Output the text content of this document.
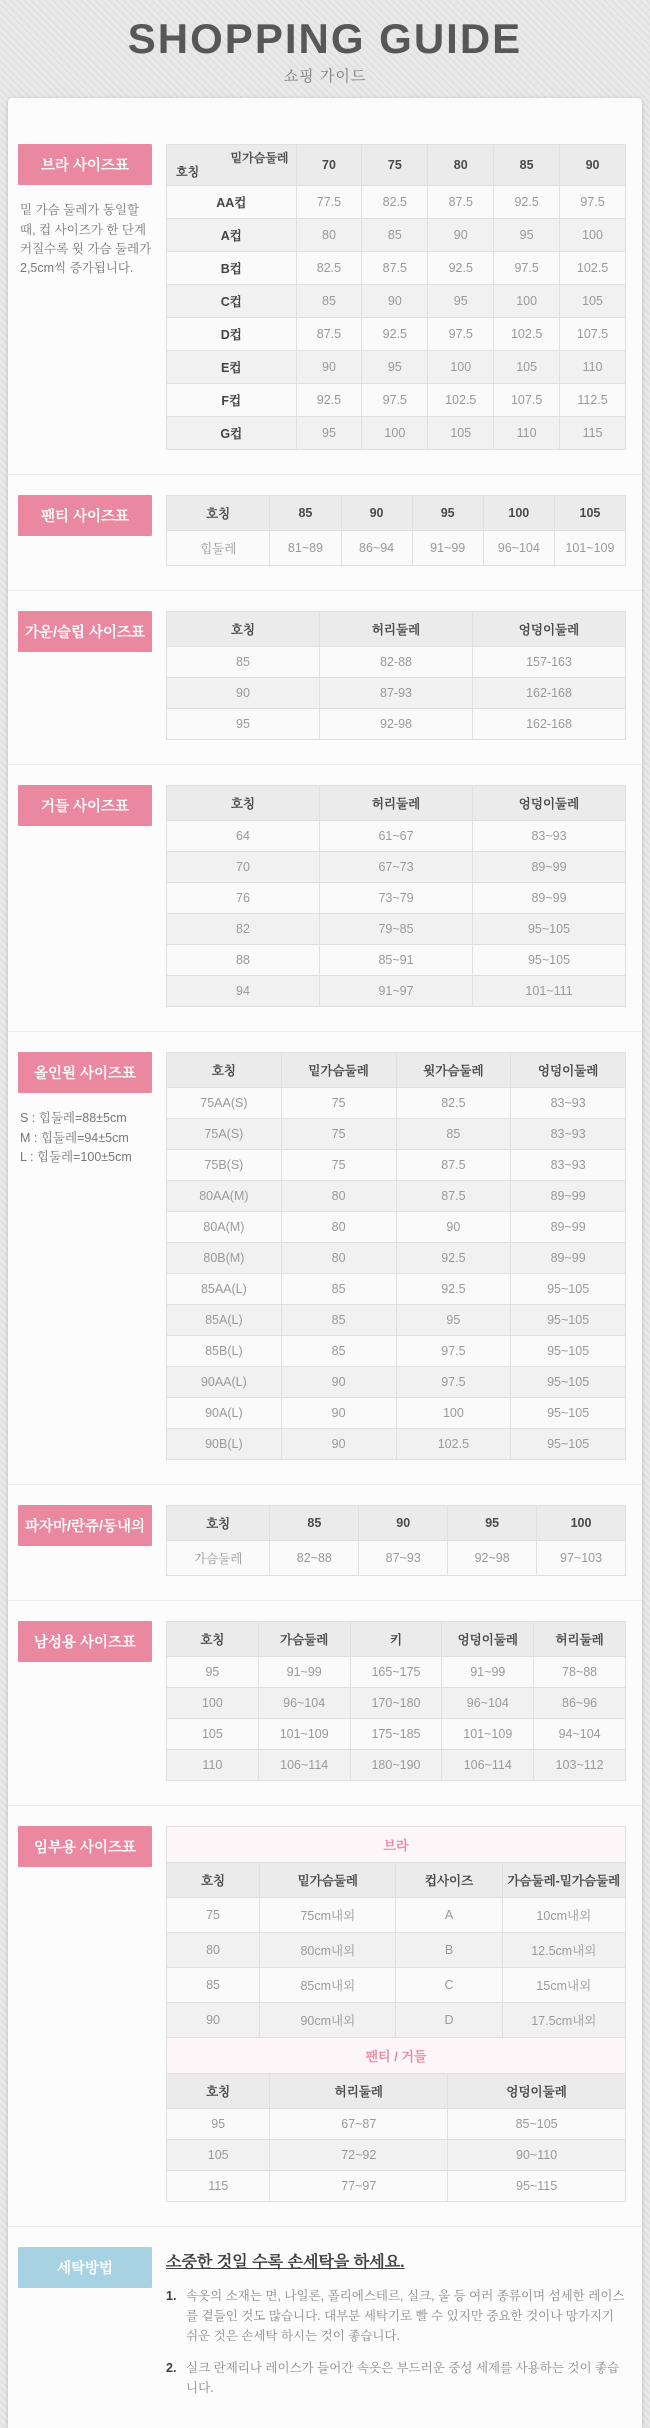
SHOPPING GUIDE
쇼핑 가이드
브라 사이즈표
밑 가슴 둘레가 동일할 때, 컵 사이즈가 한 단계 커질수록 윗 가슴 둘레가 2,5cm씩 증가됩니다.
밑가슴둘레
호칭	70	75	80	85	90
AA컵	77.5	82.5	87.5	92.5	97.5
A컵	80	85	90	95	100
B컵	82.5	87.5	92.5	97.5	102.5
C컵	85	90	95	100	105
D컵	87.5	92.5	97.5	102.5	107.5
E컵	90	95	100	105	110
F컵	92.5	97.5	102.5	107.5	112.5
G컵	95	100	105	110	115
팬티 사이즈표	호칭	85	90	95	100	105
힙둘레	81~89	86~94	91~99	96~104	101~109
가운/슬립 사이즈표	호칭	허리둘레	엉덩이둘레
85	82-88	157-163
90	87-93	162-168
95	92-98	162-168
거들 사이즈표	호칭	허리둘레	엉덩이둘레
64	61~67	83~93
70	67~73	89~99
76	73~79	89~99
82	79~85	95~105
88	85~91	95~105
94	91~97	101~111
올인원 사이즈표
S : 힙둘레=88±5cm
M : 힙둘레=94±5cm
L : 힙둘레=100±5cm
호칭	밑가슴둘레	윗가슴둘레	엉덩이둘레
75AA(S)	75	82.5	83~93
75A(S)	75	85	83~93
75B(S)	75	87.5	83~93
80AA(M)	80	87.5	89~99
80A(M)	80	90	89~99
80B(M)	80	92.5	89~99
85AA(L)	85	92.5	95~105
85A(L)	85	95	95~105
85B(L)	85	97.5	95~105
90AA(L)	90	97.5	95~105
90A(L)	90	100	95~105
90B(L)	90	102.5	95~105
파자마/란쥬/동내의	호칭	85	90	95	100
가슴둘레	82~88	87~93	92~98	97~103
남성용 사이즈표	호칭	가슴둘레	키	엉덩이둘레	허리둘레
95	91~99	165~175	91~99	78~88
100	96~104	170~180	96~104	86~96
105	101~109	175~185	101~109	94~104
110	106~114	180~190	106~114	103~112
임부용 사이즈표	브라
호칭	밑가슴둘레	컵사이즈	가슴둘레-밑가슴둘레
75	75cm내외	A	10cm내외
80	80cm내외	B	12.5cm내외
85	85cm내외	C	15cm내외
90	90cm내외	D	17.5cm내외
팬티 / 거들
호칭	허리둘레	엉덩이둘레
95	67~87	85~105
105	72~92	90~110
115	77~97	95~115
세탁방법	소중한 것일 수록 손세탁을 하세요.
1. 속옷의 소재는 면, 나일론, 폴리에스테르, 실크, 울 등 여러 종류이며 섬세한 레이스를 곁들인 것도 많습니다. 대부분 세탁기로 빨 수 있지만 중요한 것이나 망가지기 쉬운 것은 손세탁 하시는 것이 좋습니다.
2. 실크 란제리나 레이스가 들어간 속옷은 부드러운 중성 세제를 사용하는 것이 좋습니다.
